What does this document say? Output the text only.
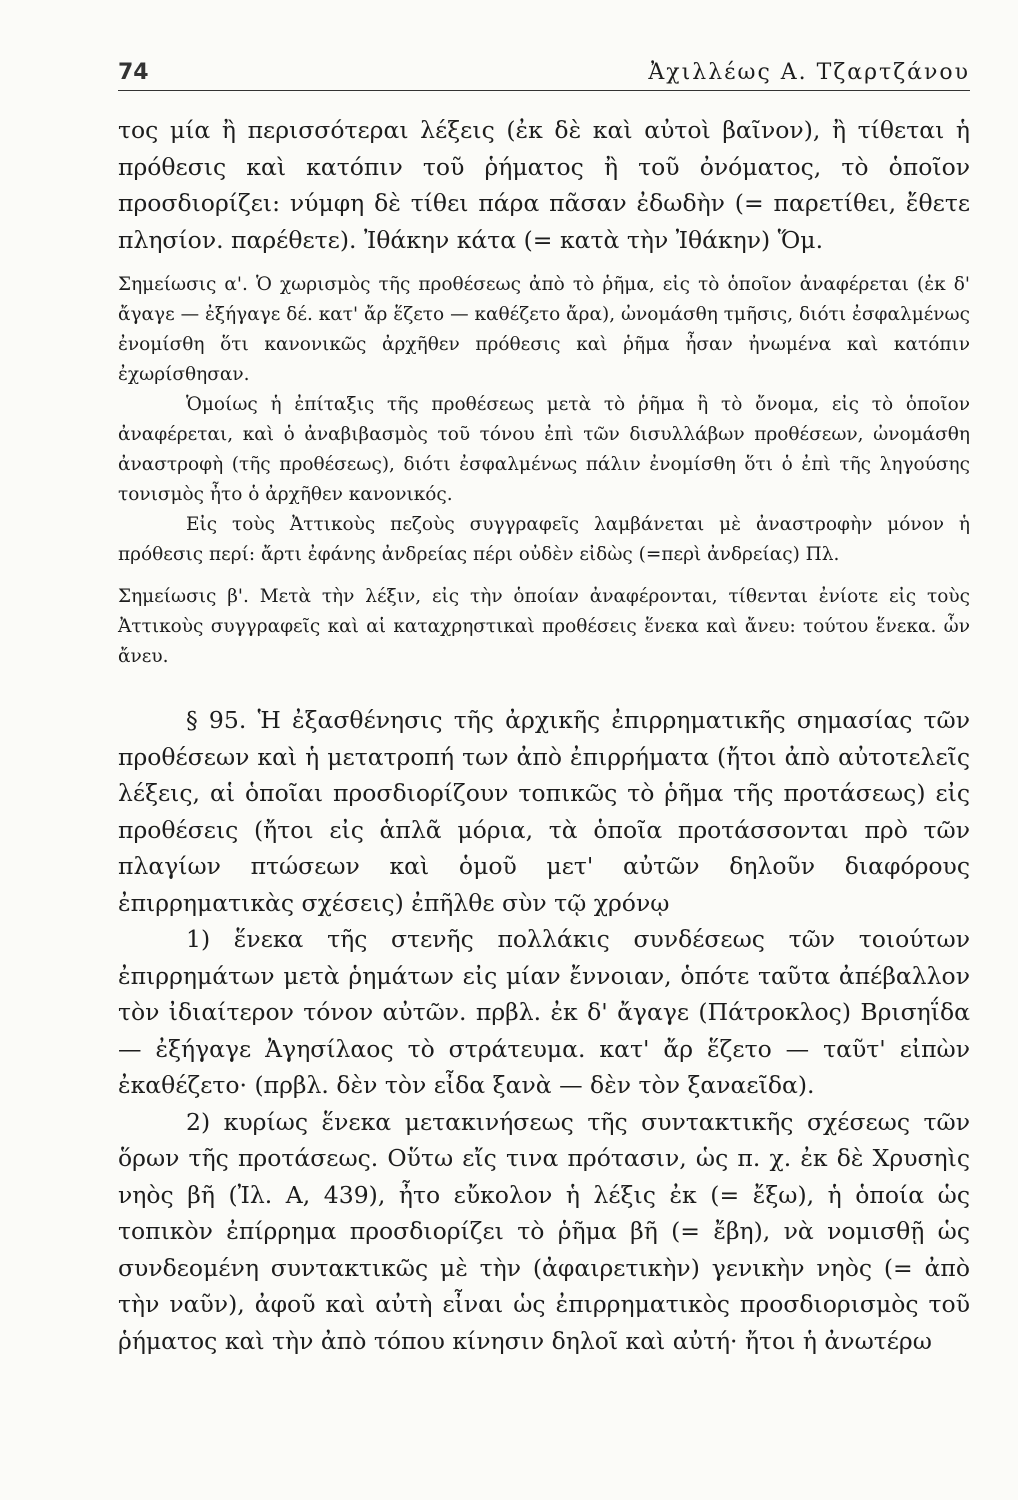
74	Ἀχιλλέως Α. Τζαρτζάνου

τος μία ἢ περισσότεραι λέξεις (ἐκ δὲ καὶ αὐτοὶ βαῖνον), ἢ τίθεται ἡ πρόθεσις καὶ κατόπιν τοῦ ῥήματος ἢ τοῦ ὀνόματος, τὸ ὁποῖον προσδιορίζει: νύμφη δὲ τίθει πάρα πᾶσαν ἐδωδὴν (= παρετίθει, ἔθετε πλησίον. παρέθετε). Ἰθάκην κάτα (= κατὰ τὴν Ἰθάκην) Ὅμ.

Σημείωσις α'. Ὁ χωρισμὸς τῆς προθέσεως ἀπὸ τὸ ῥῆμα, εἰς τὸ ὁποῖον ἀναφέρεται (ἐκ δ' ἄγαγε — ἐξήγαγε δέ. κατ' ἄρ ἕζετο — καθέζετο ἄρα), ὠνομάσθη τμῆσις, διότι ἐσφαλμένως ἐνομίσθη ὅτι κανονικῶς ἀρχῆθεν πρόθεσις καὶ ῥῆμα ἦσαν ἠνωμένα καὶ κατόπιν ἐχωρίσθησαν.

Ὁμοίως ἡ ἐπίταξις τῆς προθέσεως μετὰ τὸ ῥῆμα ἢ τὸ ὄνομα, εἰς τὸ ὁποῖον ἀναφέρεται, καὶ ὁ ἀναβιβασμὸς τοῦ τόνου ἐπὶ τῶν δισυλλάβων προθέσεων, ὠνομάσθη ἀναστροφὴ (τῆς προθέσεως), διότι ἐσφαλμένως πάλιν ἐνομίσθη ὅτι ὁ ἐπὶ τῆς ληγούσης τονισμὸς ἦτο ὁ ἀρχῆθεν κανονικός.

Εἰς τοὺς Ἀττικοὺς πεζοὺς συγγραφεῖς λαμβάνεται μὲ ἀναστροφὴν μόνον ἡ πρόθεσις περί: ἄρτι ἐφάνης ἀνδρείας πέρι οὐδὲν εἰδὼς (=περὶ ἀνδρείας) Πλ.

Σημείωσις β'. Μετὰ τὴν λέξιν, εἰς τὴν ὁποίαν ἀναφέρονται, τίθενται ἐνίοτε εἰς τοὺς Ἀττικοὺς συγγραφεῖς καὶ αἱ καταχρηστικαὶ προθέσεις ἕνεκα καὶ ἄνευ: τούτου ἕνεκα. ὧν ἄνευ.

§ 95. Ἡ ἐξασθένησις τῆς ἀρχικῆς ἐπιρρηματικῆς σημασίας τῶν προθέσεων καὶ ἡ μετατροπή των ἀπὸ ἐπιρρήματα (ἤτοι ἀπὸ αὐτοτελεῖς λέξεις, αἱ ὁποῖαι προσδιορίζουν τοπικῶς τὸ ῥῆμα τῆς προτάσεως) εἰς προθέσεις (ἤτοι εἰς ἁπλᾶ μόρια, τὰ ὁποῖα προτάσσονται πρὸ τῶν πλαγίων πτώσεων καὶ ὁμοῦ μετ' αὐτῶν δηλοῦν διαφόρους ἐπιρρηματικὰς σχέσεις) ἐπῆλθε σὺν τῷ χρόνῳ

1) ἕνεκα τῆς στενῆς πολλάκις συνδέσεως τῶν τοιούτων ἐπιρρημάτων μετὰ ῥημάτων εἰς μίαν ἔννοιαν, ὁπότε ταῦτα ἀπέβαλλον τὸν ἰδιαίτερον τόνον αὐτῶν. πρβλ. ἐκ δ' ἄγαγε (Πάτροκλος) Βρισηΐδα — ἐξήγαγε Ἀγησίλαος τὸ στράτευμα. κατ' ἄρ ἕζετο — ταῦτ' εἰπὼν ἐκαθέζετο· (πρβλ. δὲν τὸν εἶδα ξανὰ — δὲν τὸν ξαναεῖδα).

2) κυρίως ἕνεκα μετακινήσεως τῆς συντακτικῆς σχέσεως τῶν ὅρων τῆς προτάσεως. Οὕτω εἴς τινα πρότασιν, ὡς π. χ. ἐκ δὲ Χρυσηὶς νηὸς βῆ (Ἰλ. Α, 439), ἦτο εὔκολον ἡ λέξις ἐκ (= ἔξω), ἡ ὁποία ὡς τοπικὸν ἐπίρρημα προσδιορίζει τὸ ῥῆμα βῆ (= ἔβη), νὰ νομισθῇ ὡς συνδεομένη συντακτικῶς μὲ τὴν (ἀφαιρετικὴν) γενικὴν νηὸς (= ἀπὸ τὴν ναῦν), ἀφοῦ καὶ αὐτὴ εἶναι ὡς ἐπιρρηματικὸς προσδιορισμὸς τοῦ ῥήματος καὶ τὴν ἀπὸ τόπου κίνησιν δηλοῖ καὶ αὐτή· ἤτοι ἡ ἀνωτέρω
